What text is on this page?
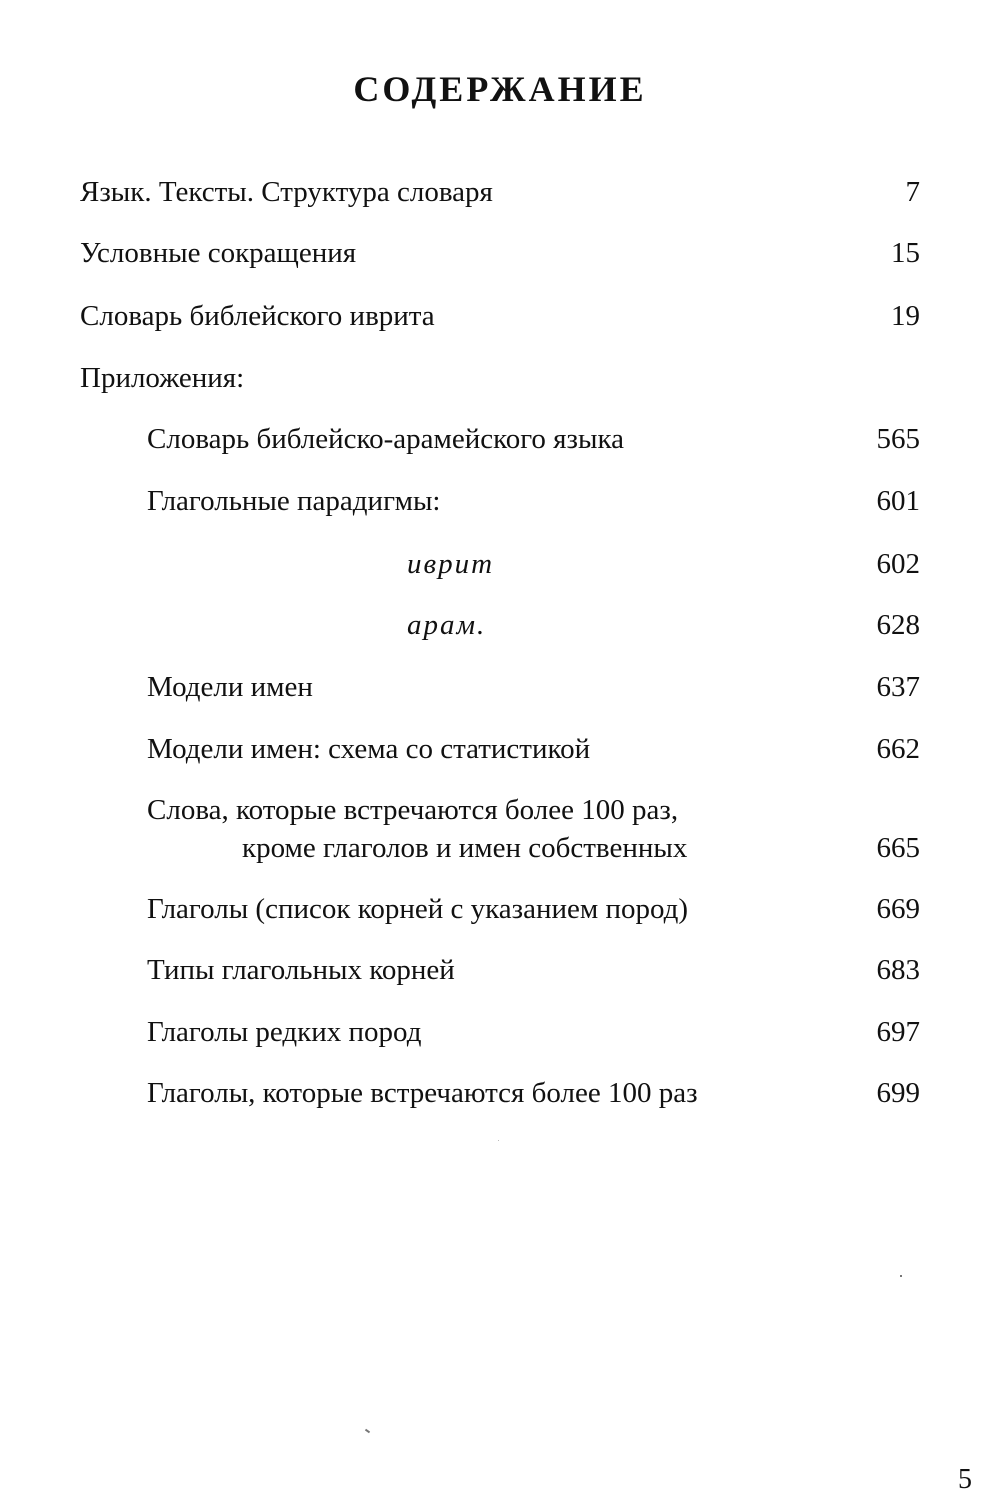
СОДЕРЖАНИЕ
Язык. Тексты. Структура словаря	7
Условные сокращения	15
Словарь библейского иврита	19
Приложения:
Словарь библейско-арамейского языка	565
Глагольные парадигмы:	601
иврит	602
арам.	628
Модели имен	637
Модели имен: схема со статистикой	662
Слова, которые встречаются более 100 раз,
кроме глаголов и имен собственных	665
Глаголы (список корней с указанием пород)	669
Типы глагольных корней	683
Глаголы редких пород	697
Глаголы, которые встречаются более 100 раз	699
5
